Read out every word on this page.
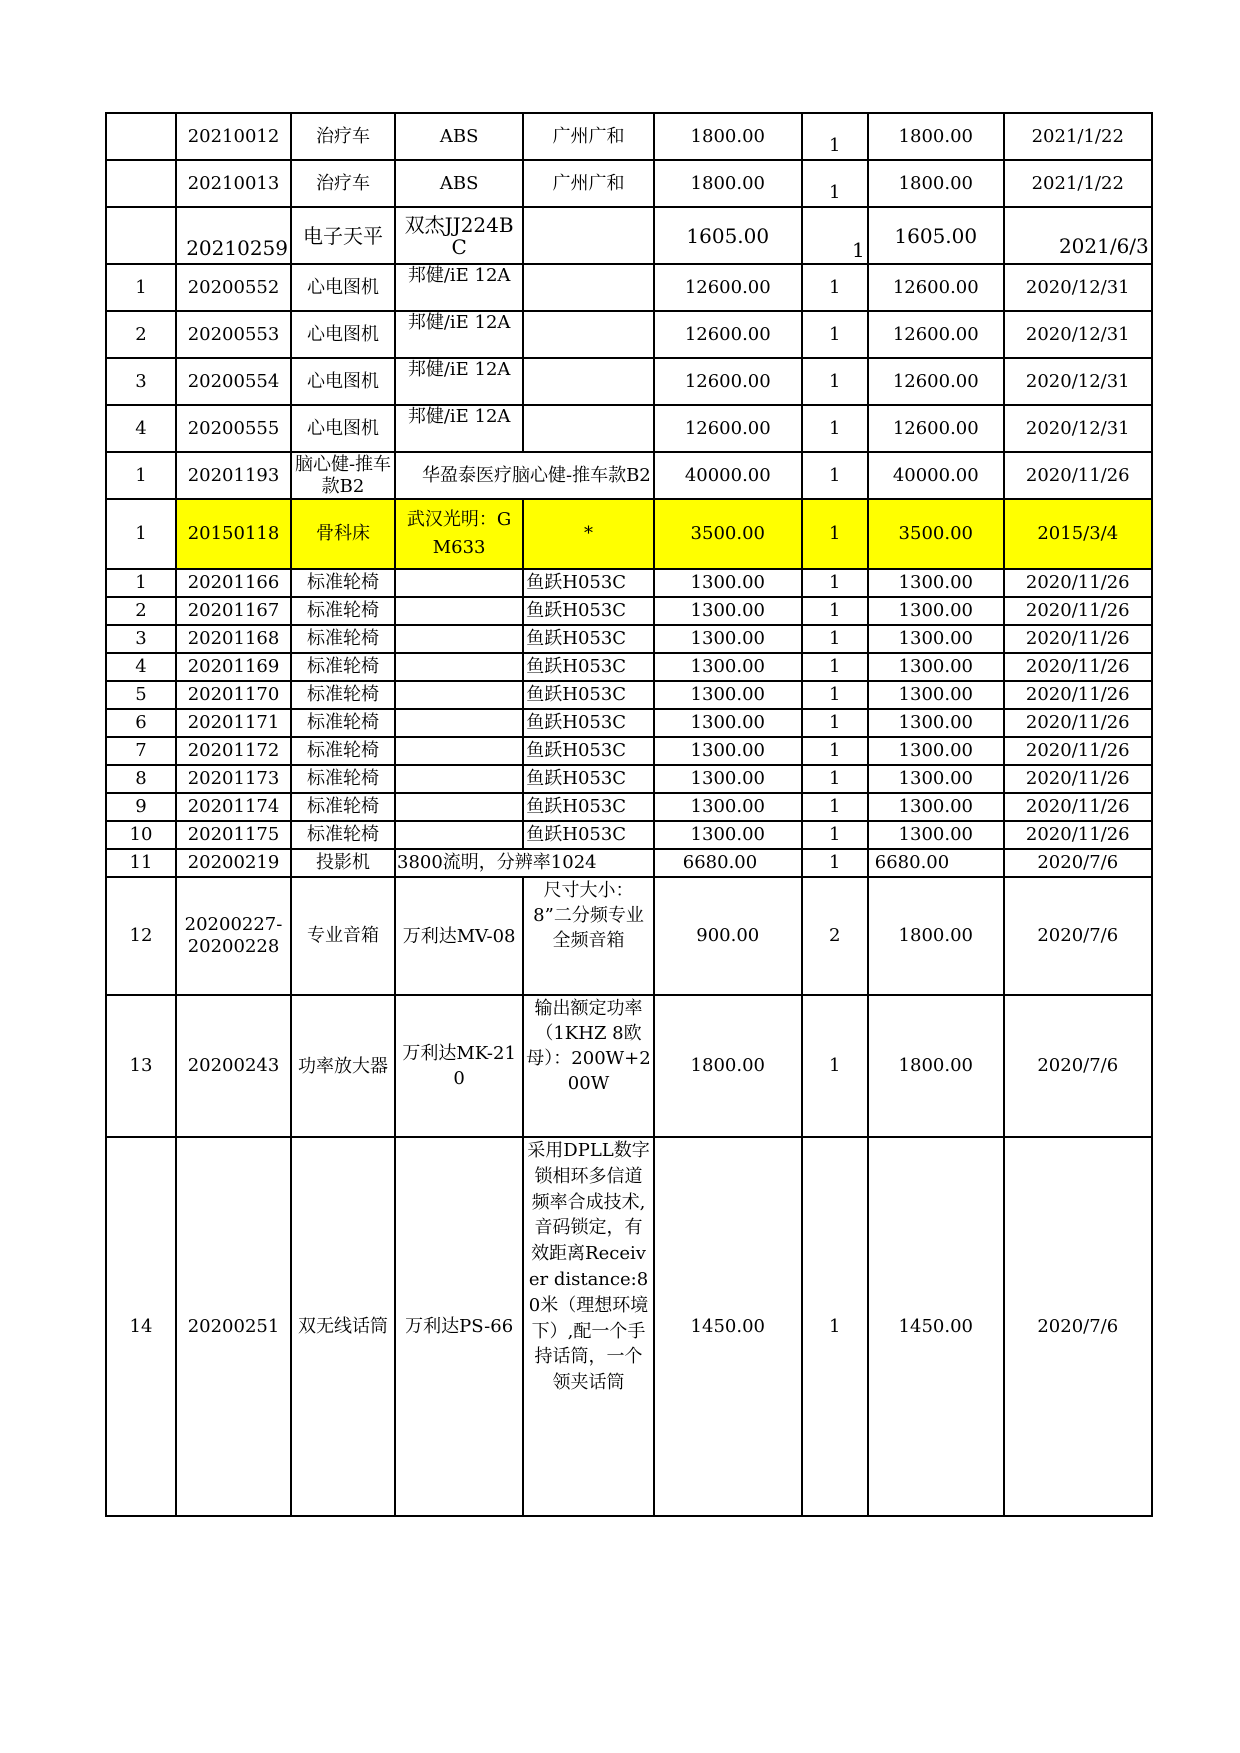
	20210012	治疗车	ABS	广州广和	1800.00	1	1800.00	2021/1/22
	20210013	治疗车	ABS	广州广和	1800.00	1	1800.00	2021/1/22
	20210259	电子天平	双杰JJ224BC		1605.00	1	1605.00	2021/6/3
1	20200552	心电图机	邦健/iE 12A		12600.00	1	12600.00	2020/12/31
2	20200553	心电图机	邦健/iE 12A		12600.00	1	12600.00	2020/12/31
3	20200554	心电图机	邦健/iE 12A		12600.00	1	12600.00	2020/12/31
4	20200555	心电图机	邦健/iE 12A		12600.00	1	12600.00	2020/12/31
1	20201193	脑心健-推车款B2	华盈泰医疗脑心健-推车款B2		40000.00	1	40000.00	2020/11/26
1	20150118	骨科床	武汉光明：GM633	*	3500.00	1	3500.00	2015/3/4
1	20201166	标准轮椅		鱼跃H053C	1300.00	1	1300.00	2020/11/26
2	20201167	标准轮椅		鱼跃H053C	1300.00	1	1300.00	2020/11/26
3	20201168	标准轮椅		鱼跃H053C	1300.00	1	1300.00	2020/11/26
4	20201169	标准轮椅		鱼跃H053C	1300.00	1	1300.00	2020/11/26
5	20201170	标准轮椅		鱼跃H053C	1300.00	1	1300.00	2020/11/26
6	20201171	标准轮椅		鱼跃H053C	1300.00	1	1300.00	2020/11/26
7	20201172	标准轮椅		鱼跃H053C	1300.00	1	1300.00	2020/11/26
8	20201173	标准轮椅		鱼跃H053C	1300.00	1	1300.00	2020/11/26
9	20201174	标准轮椅		鱼跃H053C	1300.00	1	1300.00	2020/11/26
10	20201175	标准轮椅		鱼跃H053C	1300.00	1	1300.00	2020/11/26
11	20200219	投影机	3800流明，分辨率1024		6680.00	1	6680.00	2020/7/6
12	20200227-20200228	专业音箱	万利达MV-08	尺寸大小： 8”二分频专业全频音箱	900.00	2	1800.00	2020/7/6
13	20200243	功率放大器	万利达MK-210	输出额定功率（1KHZ 8欧母）：200W+200W	1800.00	1	1800.00	2020/7/6
14	20200251	双无线话筒	万利达PS-66	采用DPLL数字锁相环多信道频率合成技术,音码锁定，有效距离Receiver distance:80米（理想环境下）,配一个手持话筒，一个领夹话筒	1450.00	1	1450.00	2020/7/6
